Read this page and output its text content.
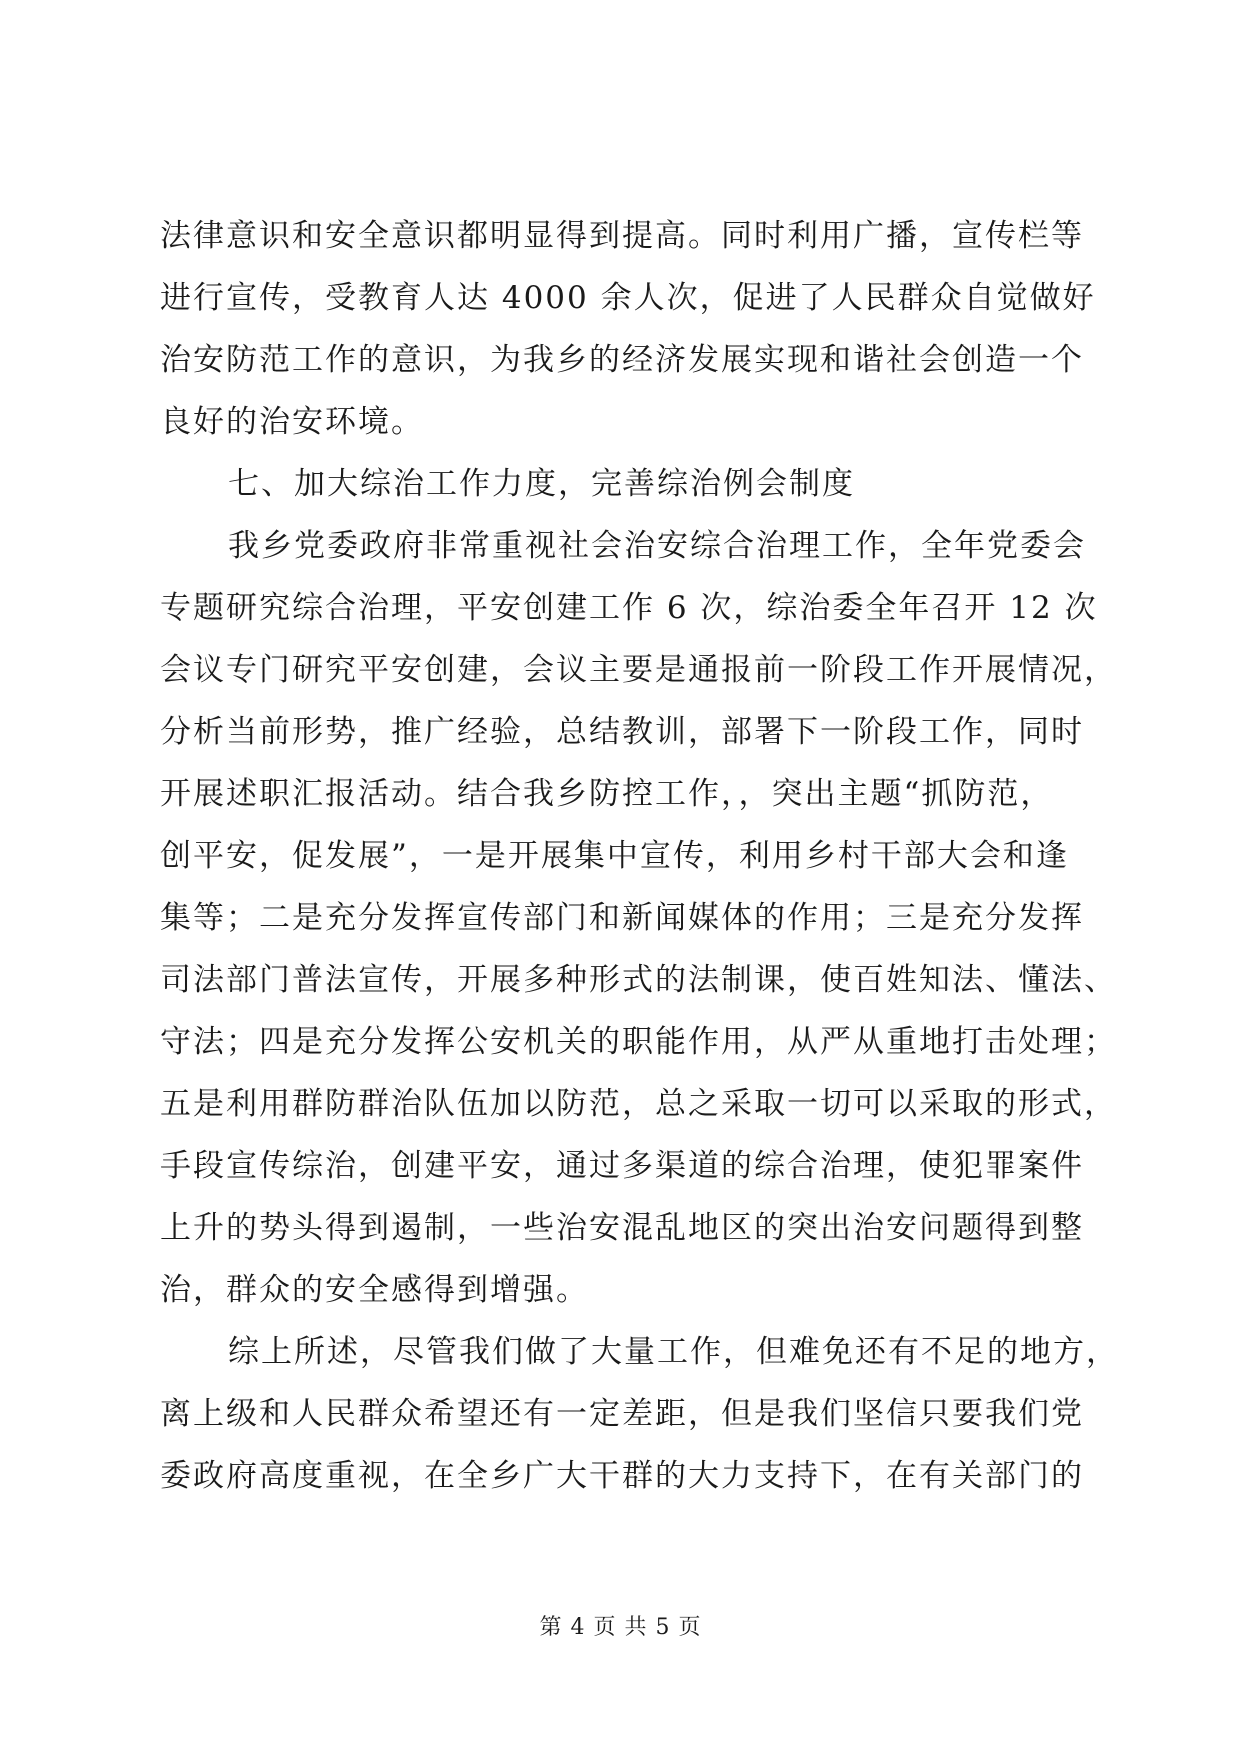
法律意识和安全意识都明显得到提高。同时利用广播，宣传栏等
进行宣传，受教育人达 4000 余人次，促进了人民群众自觉做好
治安防范工作的意识，为我乡的经济发展实现和谐社会创造一个
良好的治安环境。
七、加大综治工作力度，完善综治例会制度
我乡党委政府非常重视社会治安综合治理工作，全年党委会
专题研究综合治理，平安创建工作 6 次，综治委全年召开 12 次
会议专门研究平安创建，会议主要是通报前一阶段工作开展情况，
分析当前形势，推广经验，总结教训，部署下一阶段工作，同时
开展述职汇报活动。结合我乡防控工作，，突出主题“抓防范，
创平安，促发展”，一是开展集中宣传，利用乡村干部大会和逢
集等；二是充分发挥宣传部门和新闻媒体的作用；三是充分发挥
司法部门普法宣传，开展多种形式的法制课，使百姓知法、懂法、
守法；四是充分发挥公安机关的职能作用，从严从重地打击处理；
五是利用群防群治队伍加以防范，总之采取一切可以采取的形式，
手段宣传综治，创建平安，通过多渠道的综合治理，使犯罪案件
上升的势头得到遏制，一些治安混乱地区的突出治安问题得到整
治，群众的安全感得到增强。
综上所述，尽管我们做了大量工作，但难免还有不足的地方，
离上级和人民群众希望还有一定差距，但是我们坚信只要我们党
委政府高度重视，在全乡广大干群的大力支持下，在有关部门的
第 4 页 共 5 页
